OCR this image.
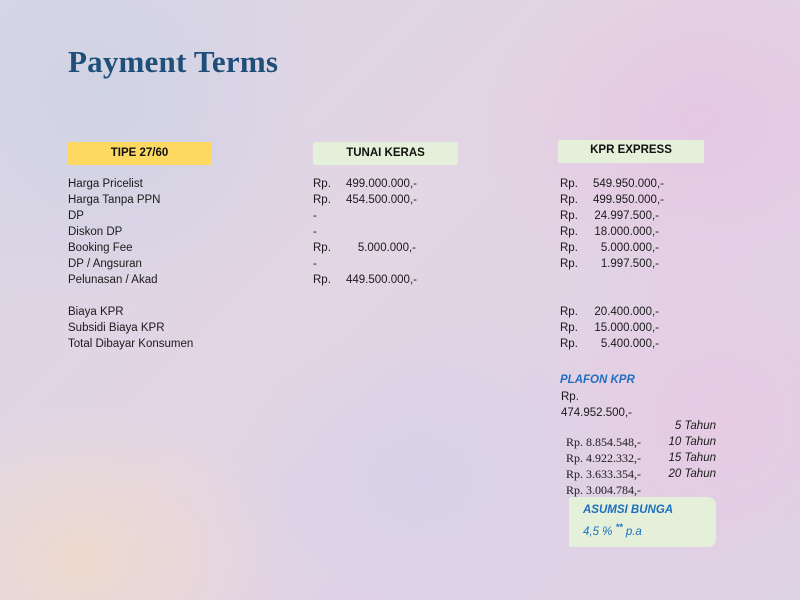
Payment Terms
TIPE 27/60	TUNAI KERAS	KPR EXPRESS
Harga Pricelist
Harga Tanpa PPN
DP
Diskon DP
Booking Fee
DP / Angsuran
Pelunasan / Akad
Biaya KPR
Subsidi Biaya KPR
Total Dibayar Konsumen
Rp. 499.000.000,-
Rp. 454.500.000,-
-
-
Rp. 5.000.000,-
-
Rp. 449.500.000,-
Rp. 549.950.000,-
Rp. 499.950.000,-
Rp. 24.997.500,-
Rp. 18.000.000,-
Rp. 5.000.000,-
Rp. 1.997.500,-
Rp. 20.400.000,-
Rp. 15.000.000,-
Rp. 5.400.000,-
PLAFON KPR
Rp.
474.952.500,-
5 Tahun
10 Tahun
15 Tahun
20 Tahun
Rp. 8.854.548,-
Rp. 4.922.332,-
Rp. 3.633.354,-
Rp. 3.004.784,-
ASUMSI BUNGA
4,5 % ** p.a
